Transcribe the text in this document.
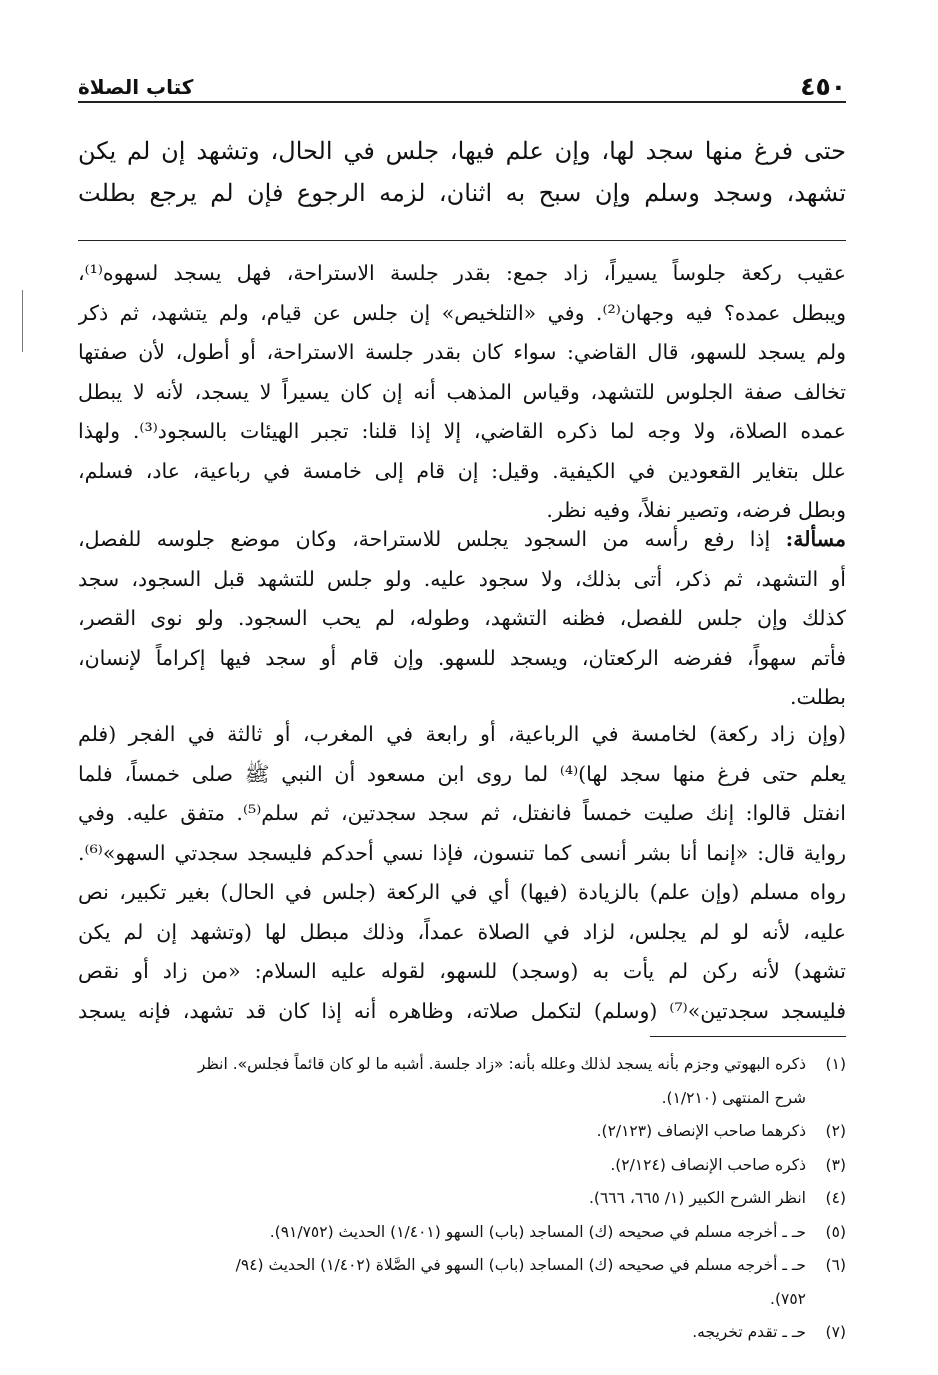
٤٥٠
كتاب الصلاة
حتى فرغ منها سجد لها، وإن علم فيها، جلس في الحال، وتشهد إن لم يكن
تشهد، وسجد وسلم وإن سبح به اثنان، لزمه الرجوع فإن لم يرجع بطلت
عقيب ركعة جلوساً يسيراً، زاد جمع: بقدر جلسة الاستراحة، فهل يسجد لسهوه⁽¹⁾،
ويبطل عمده؟ فيه وجهان⁽²⁾. وفي «التلخيص» إن جلس عن قيام، ولم يتشهد، ثم ذكر
ولم يسجد للسهو، قال القاضي: سواء كان بقدر جلسة الاستراحة، أو أطول، لأن صفتها
تخالف صفة الجلوس للتشهد، وقياس المذهب أنه إن كان يسيراً لا يسجد، لأنه لا يبطل
عمده الصلاة، ولا وجه لما ذكره القاضي، إلا إذا قلنا: تجبر الهيئات بالسجود⁽³⁾. ولهذا
علل بتغاير القعودين في الكيفية. وقيل: إن قام إلى خامسة في رباعية، عاد، فسلم،
وبطل فرضه، وتصير نفلاً، وفيه نظر.
مسألة: إذا رفع رأسه من السجود يجلس للاستراحة، وكان موضع جلوسه للفصل،
أو التشهد، ثم ذكر، أتى بذلك، ولا سجود عليه. ولو جلس للتشهد قبل السجود، سجد
كذلك وإن جلس للفصل، فظنه التشهد، وطوله، لم يحب السجود. ولو نوى القصر،
فأتم سهواً، ففرضه الركعتان، ويسجد للسهو. وإن قام أو سجد فيها إكراماً لإنسان،
بطلت.
(وإن زاد ركعة) لخامسة في الرباعية، أو رابعة في المغرب، أو ثالثة في الفجر (فلم
يعلم حتى فرغ منها سجد لها)⁽⁴⁾ لما روى ابن مسعود أن النبي ﷺ صلى خمساً، فلما
انفتل قالوا: إنك صليت خمساً فانفتل، ثم سجد سجدتين، ثم سلم⁽⁵⁾. متفق عليه. وفي
رواية قال: «إنما أنا بشر أنسى كما تنسون، فإذا نسي أحدكم فليسجد سجدتي السهو»⁽⁶⁾.
رواه مسلم (وإن علم) بالزيادة (فيها) أي في الركعة (جلس في الحال) بغير تكبير، نص
عليه، لأنه لو لم يجلس، لزاد في الصلاة عمداً، وذلك مبطل لها (وتشهد إن لم يكن
تشهد) لأنه ركن لم يأت به (وسجد) للسهو، لقوله عليه السلام: «من زاد أو نقص
فليسجد سجدتين»⁽⁷⁾ (وسلم) لتكمل صلاته، وظاهره أنه إذا كان قد تشهد، فإنه يسجد
(١)
ذكره البهوتي وجزم بأنه يسجد لذلك وعلله بأنه: «زاد جلسة. أشبه ما لو كان قائماً فجلس». انظر
شرح المنتهى (١/٢١٠).
(٢)
ذكرهما صاحب الإنصاف (٢/١٢٣).
(٣)
ذكره صاحب الإنصاف (٢/١٢٤).
(٤)
انظر الشرح الكبير (١/ ٦٦٥، ٦٦٦).
(٥)
حـ ـ أخرجه مسلم في صحيحه (ك) المساجد (باب) السهو (١/٤٠١) الحديث (٩١/٧٥٢).
(٦)
حـ ـ أخرجه مسلم في صحيحه (ك) المساجد (باب) السهو في الصَّلاة (١/٤٠٢) الحديث (٩٤/
٧٥٢).
(٧)
حـ ـ تقدم تخريجه.
